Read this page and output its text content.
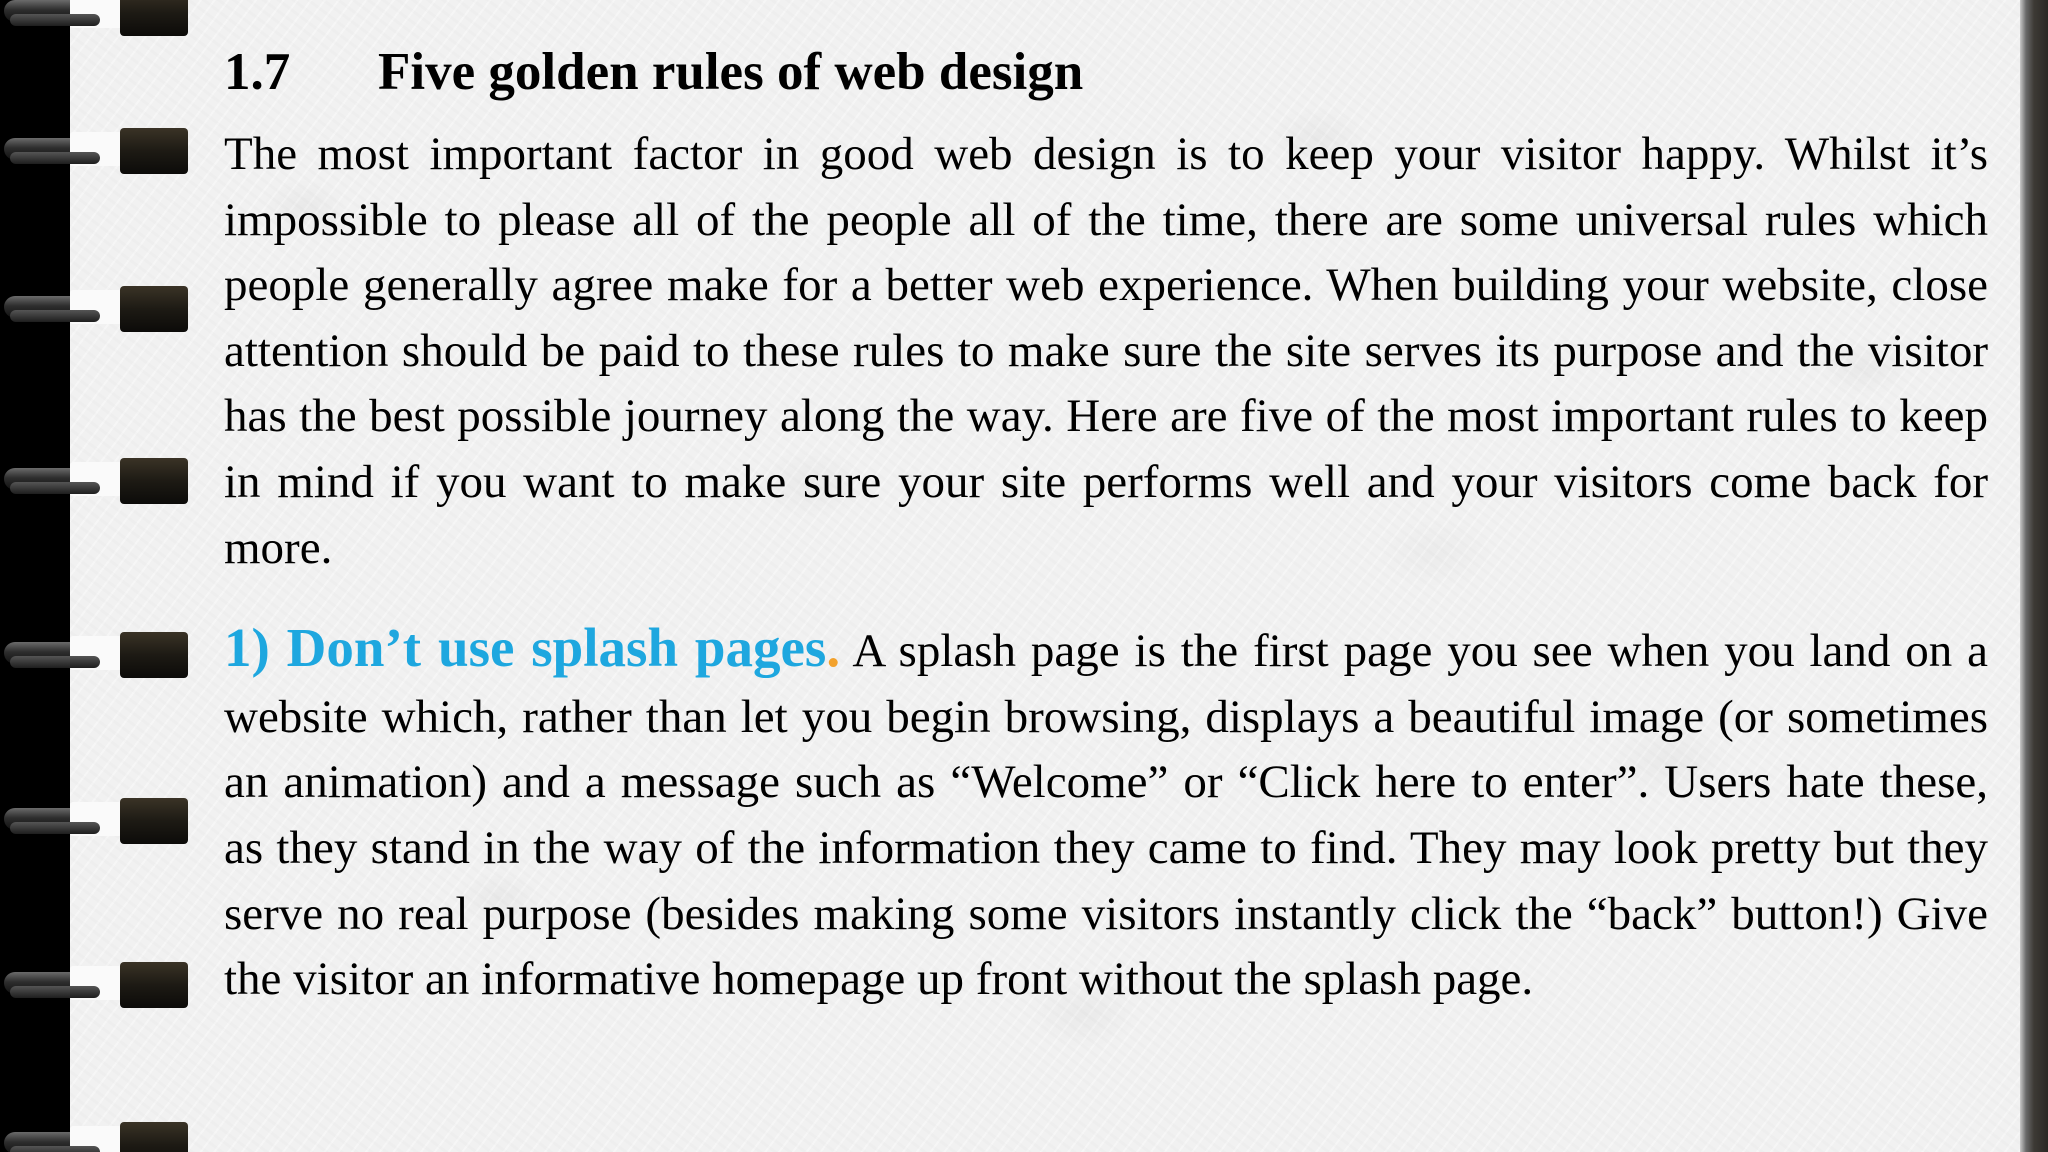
1.7 Five golden rules of web design

The most important factor in good web design is to keep your visitor happy. Whilst it’s impossible to please all of the people all of the time, there are some universal rules which people generally agree make for a better web experience. When building your website, close attention should be paid to these rules to make sure the site serves its purpose and the visitor has the best possible journey along the way. Here are five of the most important rules to keep in mind if you want to make sure your site performs well and your visitors come back for more.

1) Don’t use splash pages. A splash page is the first page you see when you land on a website which, rather than let you begin browsing, displays a beautiful image (or sometimes an animation) and a message such as “Welcome” or “Click here to enter”. Users hate these, as they stand in the way of the information they came to find. They may look pretty but they serve no real purpose (besides making some visitors instantly click the “back” button!) Give the visitor an informative homepage up front without the splash page.
